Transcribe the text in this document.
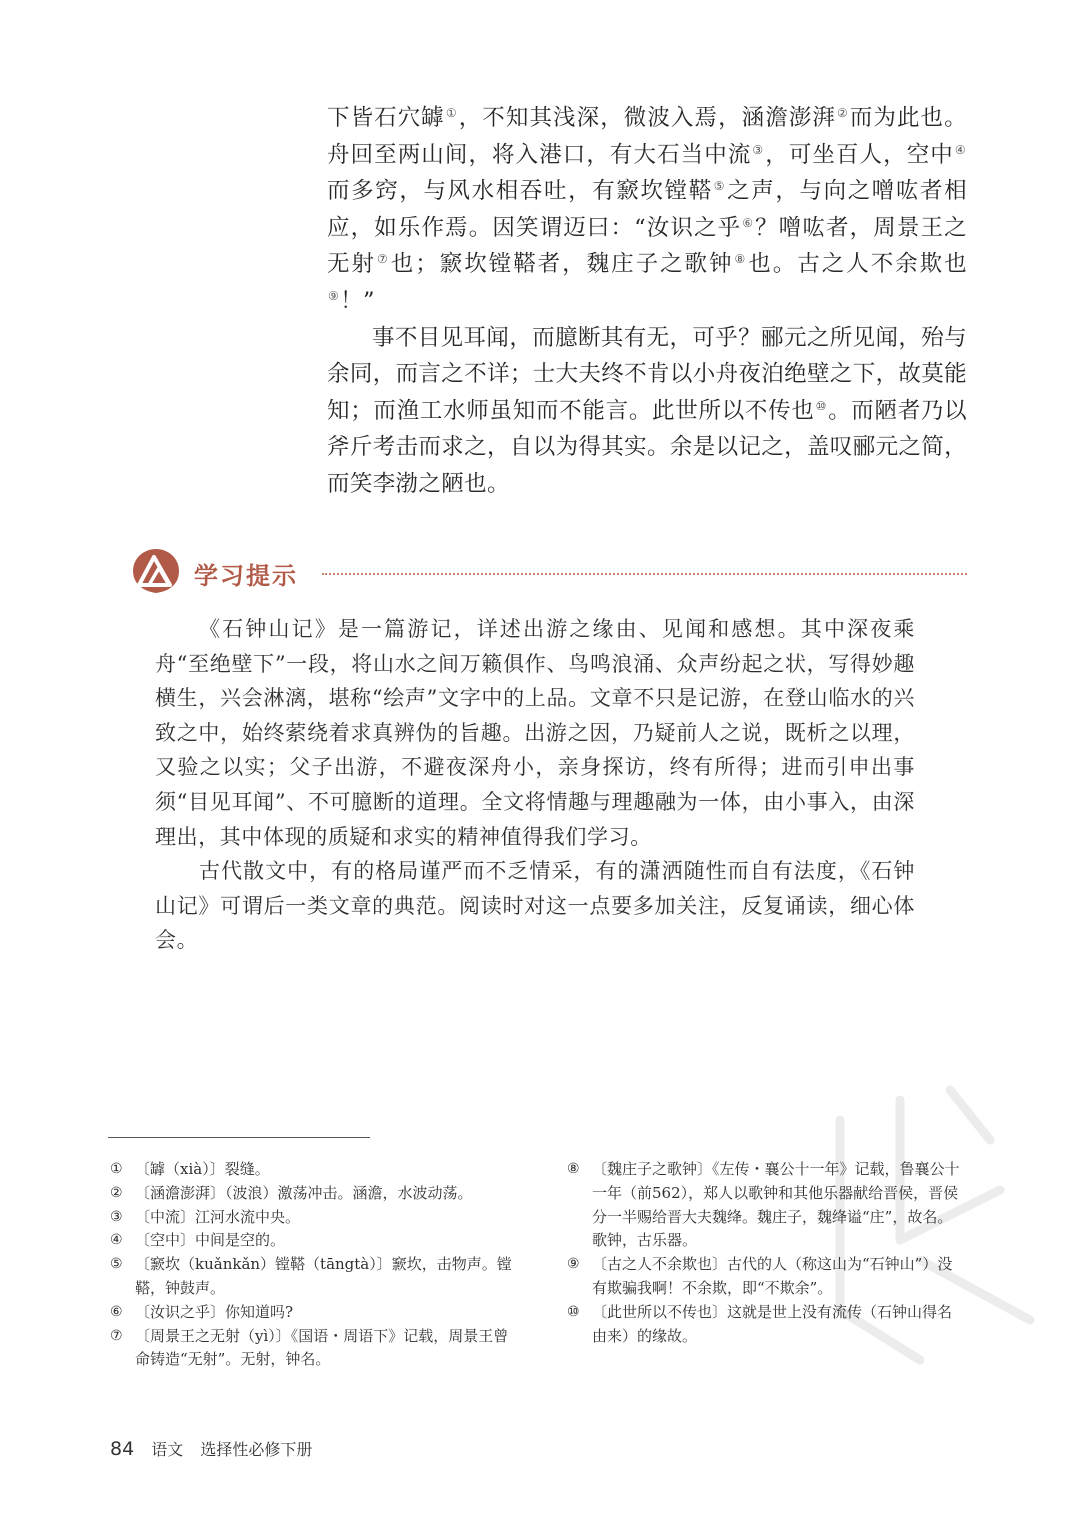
下皆石穴罅①，不知其浅深，微波入焉，涵澹澎湃②而为此也。舟回至两山间，将入港口，有大石当中流③，可坐百人，空中④而多窍，与风水相吞吐，有窾坎镗鞳⑤之声，与向之噌吰者相应，如乐作焉。因笑谓迈曰：“汝识之乎⑥？噌吰者，周景王之无射⑦也；窾坎镗鞳者，魏庄子之歌钟⑧也。古之人不余欺也⑨！”

事不目见耳闻，而臆断其有无，可乎？郦元之所见闻，殆与余同，而言之不详；士大夫终不肯以小舟夜泊绝壁之下，故莫能知；而渔工水师虽知而不能言。此世所以不传也⑩。而陋者乃以斧斤考击而求之，自以为得其实。余是以记之，盖叹郦元之简，而笑李渤之陋也。

学习提示

《石钟山记》是一篇游记，详述出游之缘由、见闻和感想。其中深夜乘舟“至绝壁下”一段，将山水之间万籁俱作、鸟鸣浪涌、众声纷起之状，写得妙趣横生，兴会淋漓，堪称“绘声”文字中的上品。文章不只是记游，在登山临水的兴致之中，始终萦绕着求真辨伪的旨趣。出游之因，乃疑前人之说，既析之以理，又验之以实；父子出游，不避夜深舟小，亲身探访，终有所得；进而引申出事须“目见耳闻”、不可臆断的道理。全文将情趣与理趣融为一体，由小事入，由深理出，其中体现的质疑和求实的精神值得我们学习。

古代散文中，有的格局谨严而不乏情采，有的潇洒随性而自有法度，《石钟山记》可谓后一类文章的典范。阅读时对这一点要多加关注，反复诵读，细心体会。

① 〔罅（xià）〕裂缝。

② 〔涵澹澎湃〕（波浪）激荡冲击。涵澹，水波动荡。

③ 〔中流〕江河水流中央。

④ 〔空中〕中间是空的。

⑤ 〔窾坎（kuǎnkǎn）镗鞳（tāngtà）〕窾坎，击物声。镗鞳，钟鼓声。

⑥ 〔汝识之乎〕你知道吗?

⑦ 〔周景王之无射（yì）〕《国语・周语下》记载，周景王曾命铸造“无射”。无射，钟名。

⑧ 〔魏庄子之歌钟〕《左传・襄公十一年》记载，鲁襄公十一年（前562），郑人以歌钟和其他乐器献给晋侯，晋侯分一半赐给晋大夫魏绛。魏庄子，魏绛谥“庄”，故名。歌钟，古乐器。

⑨ 〔古之人不余欺也〕古代的人（称这山为“石钟山”）没有欺骗我啊！不余欺，即“不欺余”。

⑩ 〔此世所以不传也〕这就是世上没有流传（石钟山得名由来）的缘故。

84 语文 选择性必修下册
